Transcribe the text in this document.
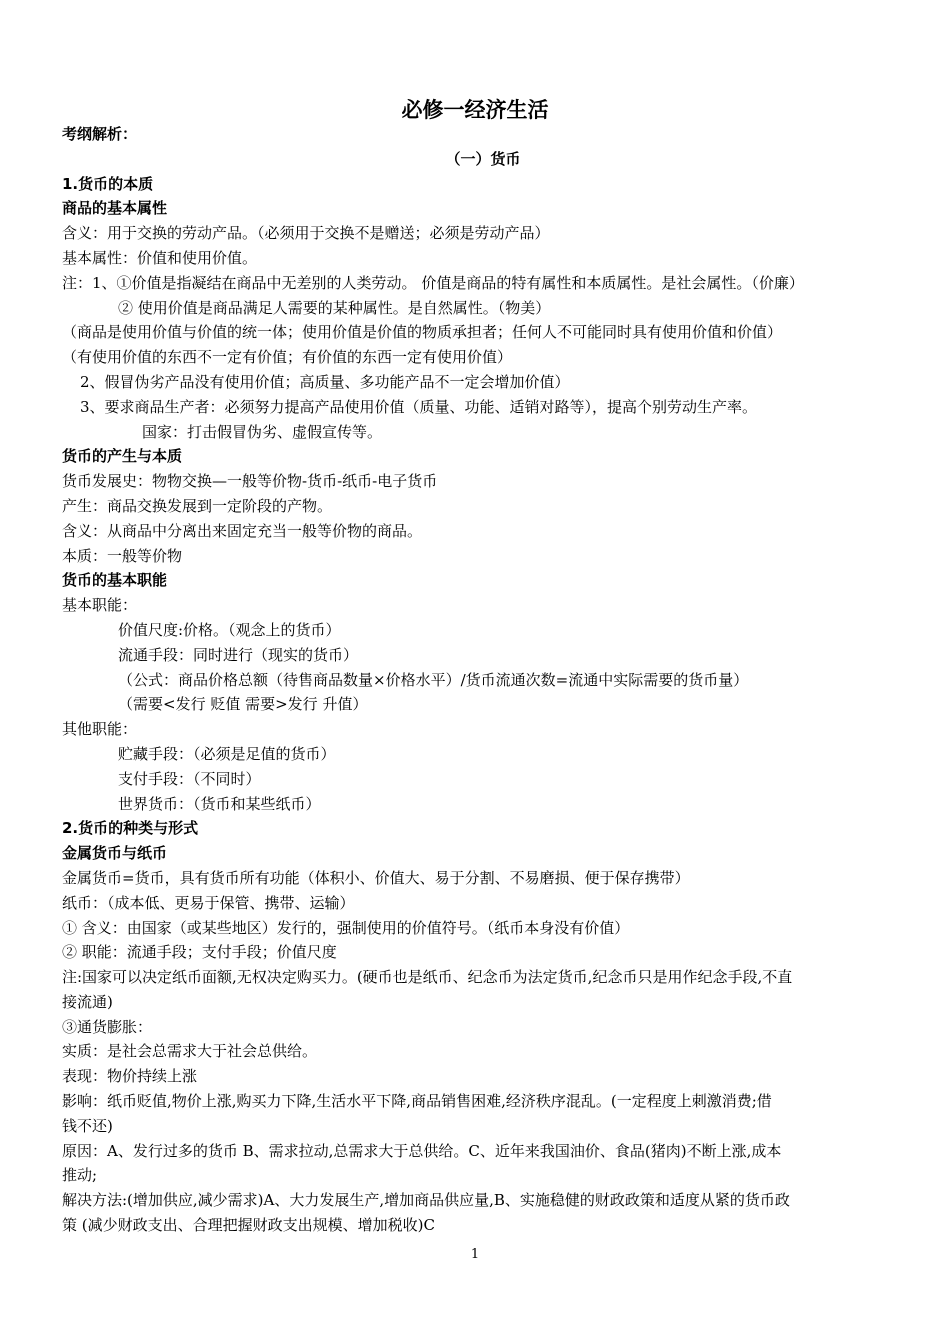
必修一经济生活
考纲解析：
（一）货币
1.货币的本质
商品的基本属性
含义：用于交换的劳动产品。（必须用于交换不是赠送；必须是劳动产品）
基本属性：价值和使用价值。
注：1、①价值是指凝结在商品中无差别的人类劳动。 价值是商品的特有属性和本质属性。是社会属性。（价廉）
② 使用价值是商品满足人需要的某种属性。是自然属性。（物美）
（商品是使用价值与价值的统一体；使用价值是价值的物质承担者；任何人不可能同时具有使用价值和价值）
（有使用价值的东西不一定有价值；有价值的东西一定有使用价值）
2、假冒伪劣产品没有使用价值；高质量、多功能产品不一定会增加价值）
3、要求商品生产者：必须努力提高产品使用价值（质量、功能、适销对路等），提高个别劳动生产率。
国家：打击假冒伪劣、虚假宣传等。
货币的产生与本质
货币发展史：物物交换—一般等价物-货币-纸币-电子货币
产生：商品交换发展到一定阶段的产物。
含义：从商品中分离出来固定充当一般等价物的商品。
本质：一般等价物
货币的基本职能
基本职能：
价值尺度:价格。（观念上的货币）
流通手段：同时进行（现实的货币）
（公式：商品价格总额（待售商品数量×价格水平）/货币流通次数=流通中实际需要的货币量）
（需要<发行 贬值 需要>发行 升值）
其他职能：
贮藏手段：（必须是足值的货币）
支付手段：（不同时）
世界货币：（货币和某些纸币）
2.货币的种类与形式
金属货币与纸币
金属货币=货币，具有货币所有功能（体积小、价值大、易于分割、不易磨损、便于保存携带）
纸币：（成本低、更易于保管、携带、运输）
① 含义：由国家（或某些地区）发行的，强制使用的价值符号。（纸币本身没有价值）
② 职能：流通手段；支付手段；价值尺度
注:国家可以决定纸币面额,无权决定购买力。(硬币也是纸币、纪念币为法定货币,纪念币只是用作纪念手段,不直
接流通)
③通货膨胀：
实质：是社会总需求大于社会总供给。
表现：物价持续上涨
影响：纸币贬值,物价上涨,购买力下降,生活水平下降,商品销售困难,经济秩序混乱。(一定程度上刺激消费;借
钱不还)
原因：A、发行过多的货币 B、需求拉动,总需求大于总供给。C、近年来我国油价、食品(猪肉)不断上涨,成本
推动;
解决方法:(增加供应,减少需求)A、大力发展生产,增加商品供应量,B、实施稳健的财政政策和适度从紧的货币政
策 (减少财政支出、合理把握财政支出规模、增加税收)C
1
